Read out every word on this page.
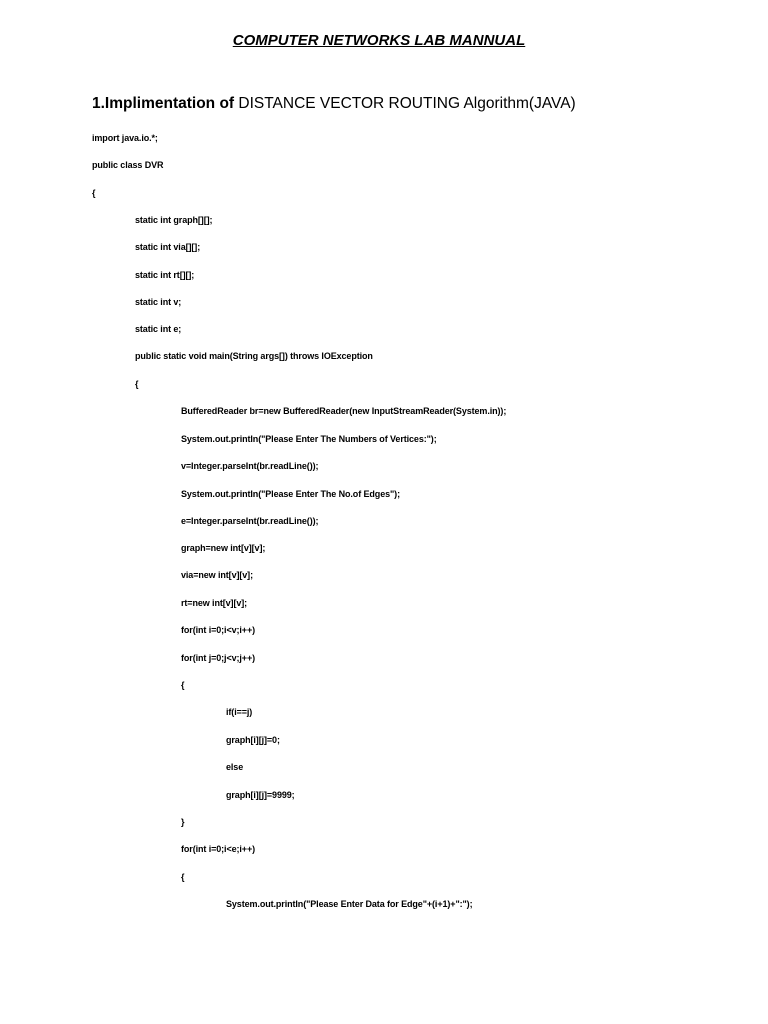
COMPUTER NETWORKS LAB MANNUAL
1.Implimentation of DISTANCE VECTOR ROUTING Algorithm(JAVA)
import java.io.*;
public class DVR
{
static int graph[][];
static int via[][];
static int rt[][];
static int v;
static int e;
public static void main(String args[]) throws IOException
{
BufferedReader br=new BufferedReader(new InputStreamReader(System.in));
System.out.println("Please Enter The Numbers of Vertices:");
v=Integer.parseInt(br.readLine());
System.out.println("Please Enter The No.of Edges");
e=Integer.parseInt(br.readLine());
graph=new int[v][v];
via=new int[v][v];
rt=new int[v][v];
for(int i=0;i<v;i++)
for(int j=0;j<v;j++)
{
if(i==j)
graph[i][j]=0;
else
graph[i][j]=9999;
}
for(int i=0;i<e;i++)
{
System.out.println("Please Enter Data for Edge"+(i+1)+":");
